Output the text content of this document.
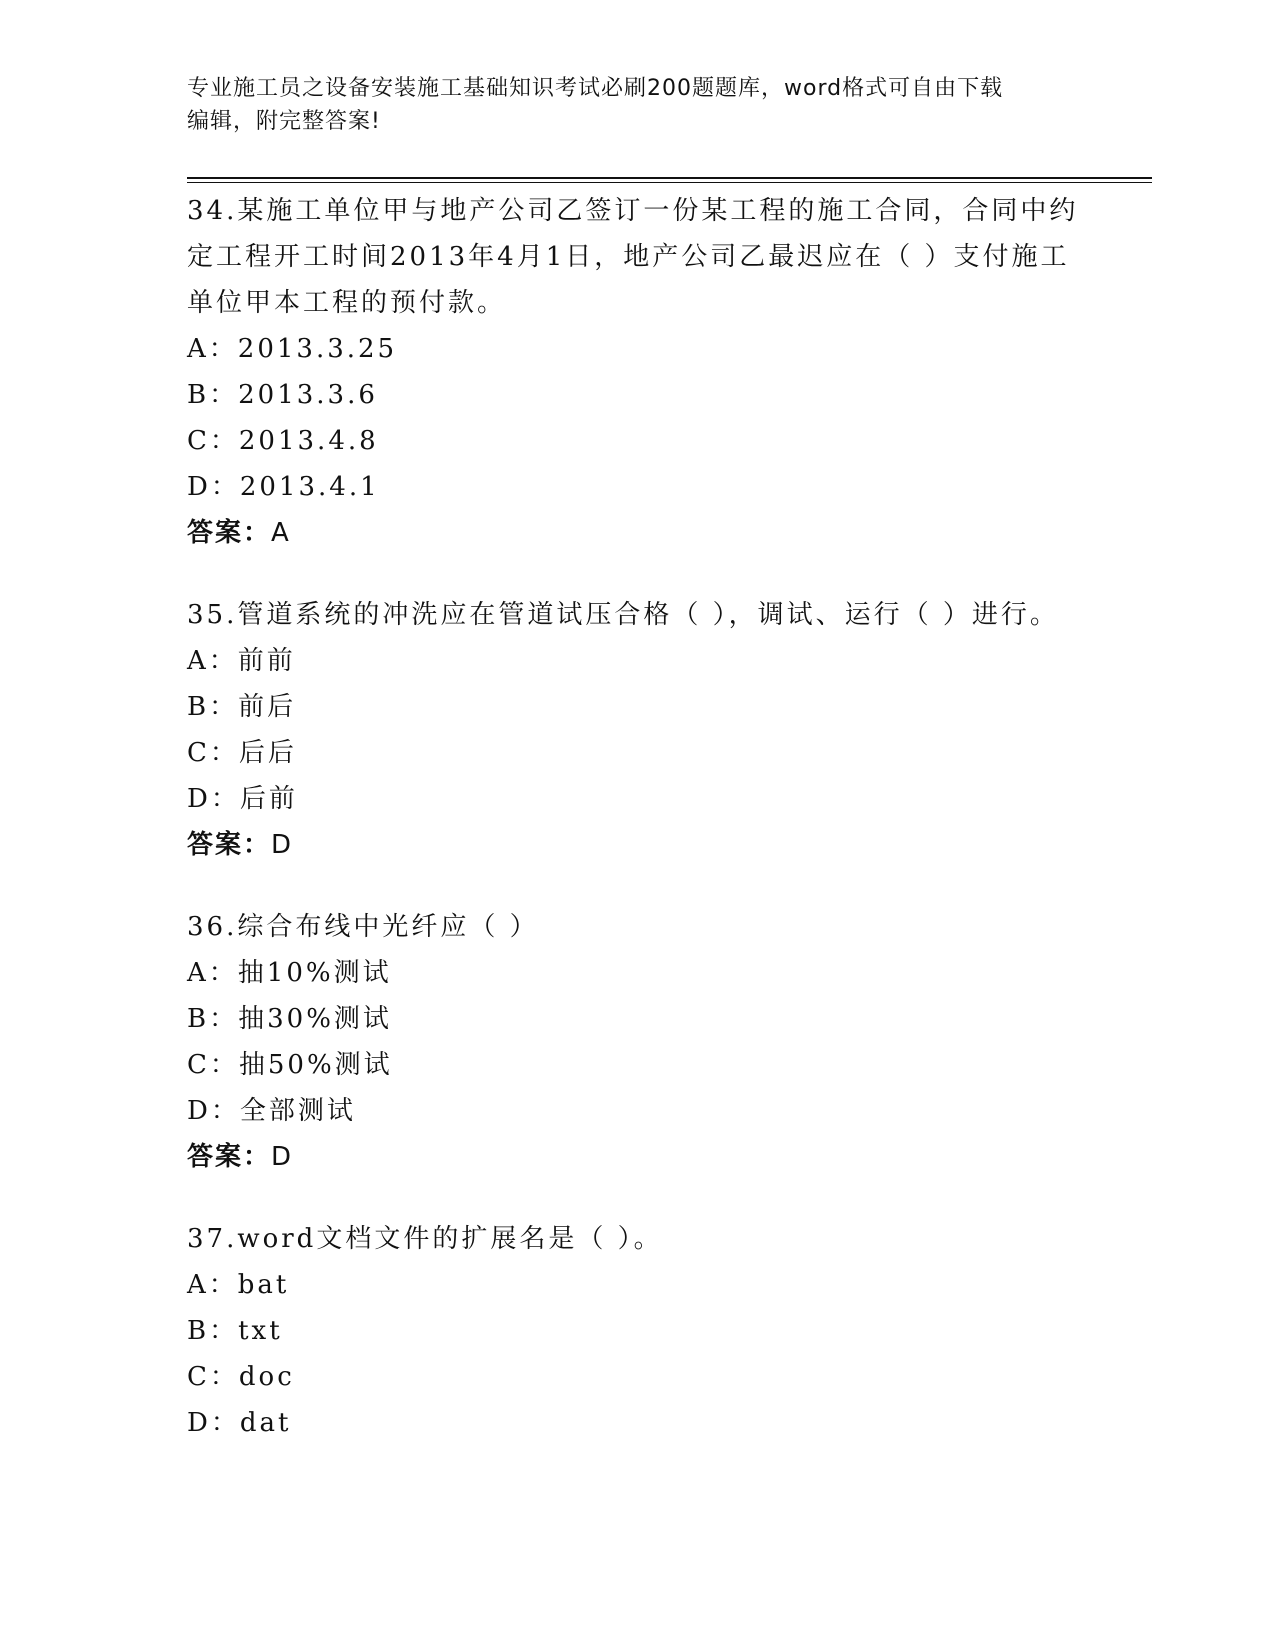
专业施工员之设备安装施工基础知识考试必刷200题题库，word格式可自由下载
编辑，附完整答案!

34.某施工单位甲与地产公司乙签订一份某工程的施工合同，合同中约定工程开工时间2013年4月1日，地产公司乙最迟应在（ ）支付施工单位甲本工程的预付款。

A：2013.3.25

B：2013.3.6

C：2013.4.8

D：2013.4.1

答案：A

35.管道系统的冲洗应在管道试压合格（ ），调试、运行（ ）进行。

A：前前

B：前后

C：后后

D：后前

答案：D

36.综合布线中光纤应（ ）

A：抽10%测试

B：抽30%测试

C：抽50%测试

D：全部测试

答案：D

37.word文档文件的扩展名是（ ）。

A：bat

B：txt

C：doc

D：dat
